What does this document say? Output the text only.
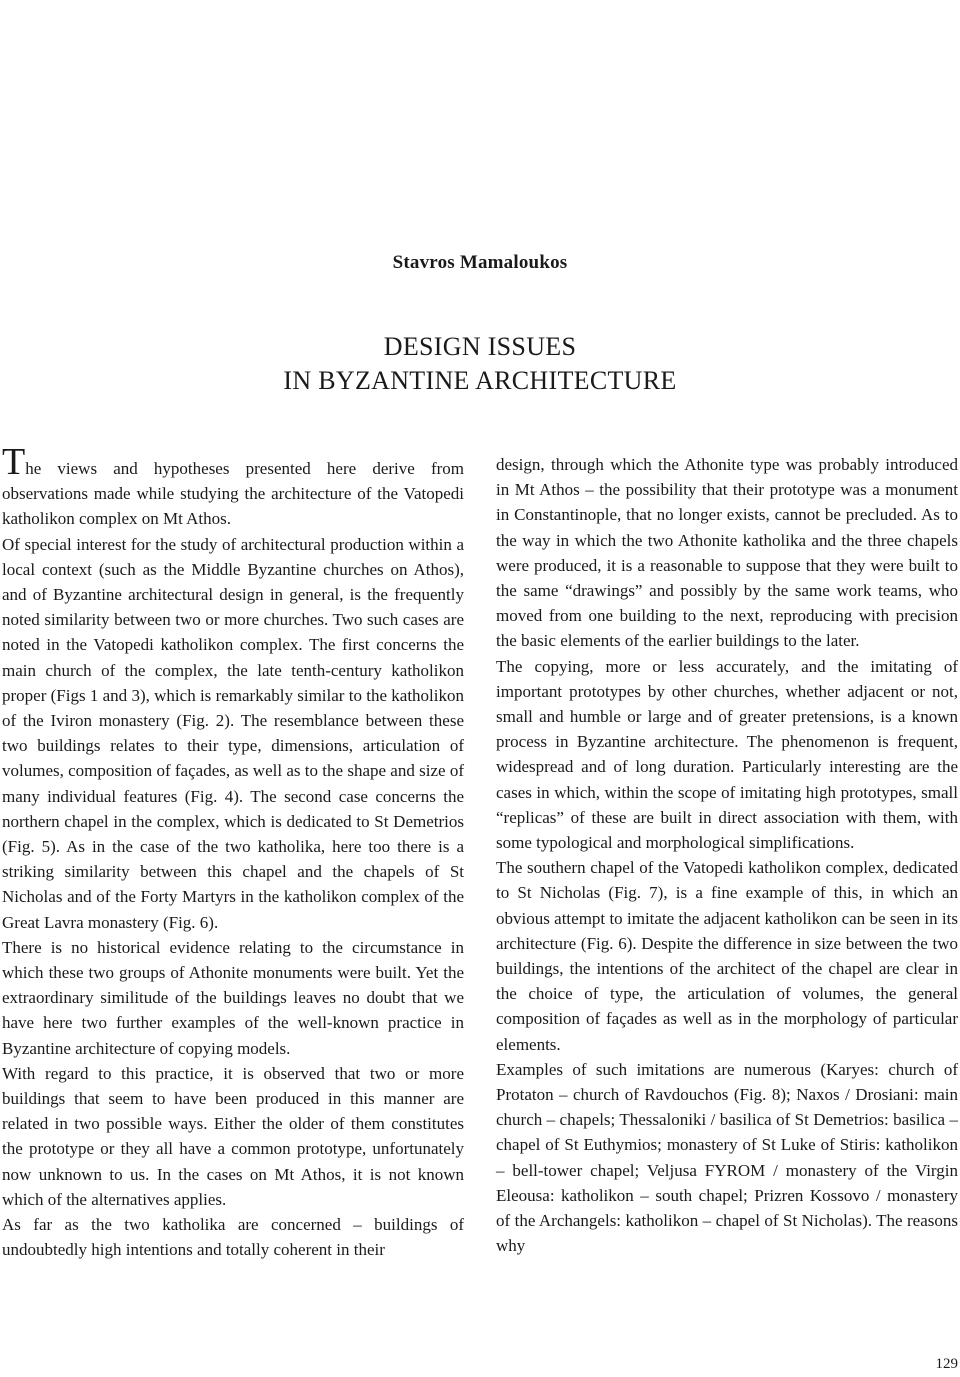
Stavros Mamaloukos
DESIGN ISSUES
IN BYZANTINE ARCHITECTURE

The views and hypotheses presented here derive from observations made while studying the architecture of the Vatopedi katholikon complex on Mt Athos.

Of special interest for the study of architectural production within a local context (such as the Middle Byzantine churches on Athos), and of Byzantine architectural design in general, is the frequently noted similarity between two or more churches. Two such cases are noted in the Vatopedi katholikon complex. The first concerns the main church of the complex, the late tenth-century katholikon proper (Figs 1 and 3), which is remarkably similar to the katholikon of the Iviron monastery (Fig. 2). The resemblance between these two buildings relates to their type, dimensions, articulation of volumes, composition of façades, as well as to the shape and size of many individual features (Fig. 4). The second case concerns the northern chapel in the complex, which is dedicated to St Demetrios (Fig. 5). As in the case of the two katholika, here too there is a striking similarity between this chapel and the chapels of St Nicholas and of the Forty Martyrs in the katholikon complex of the Great Lavra monastery (Fig. 6).

There is no historical evidence relating to the circumstance in which these two groups of Athonite monuments were built. Yet the extraordinary similitude of the buildings leaves no doubt that we have here two further examples of the well-known practice in Byzantine architecture of copying models.

With regard to this practice, it is observed that two or more buildings that seem to have been produced in this manner are related in two possible ways. Either the older of them constitutes the prototype or they all have a common prototype, unfortunately now unknown to us. In the cases on Mt Athos, it is not known which of the alternatives applies.

As far as the two katholika are concerned – buildings of undoubtedly high intentions and totally coherent in their

design, through which the Athonite type was probably introduced in Mt Athos – the possibility that their prototype was a monument in Constantinople, that no longer exists, cannot be precluded. As to the way in which the two Athonite katholika and the three chapels were produced, it is a reasonable to suppose that they were built to the same “drawings” and possibly by the same work teams, who moved from one building to the next, reproducing with precision the basic elements of the earlier buildings to the later.

The copying, more or less accurately, and the imitating of important prototypes by other churches, whether adjacent or not, small and humble or large and of greater pretensions, is a known process in Byzantine architecture. The phenomenon is frequent, widespread and of long duration. Particularly interesting are the cases in which, within the scope of imitating high prototypes, small “replicas” of these are built in direct association with them, with some typological and morphological simplifications.

The southern chapel of the Vatopedi katholikon complex, dedicated to St Nicholas (Fig. 7), is a fine example of this, in which an obvious attempt to imitate the adjacent katholikon can be seen in its architecture (Fig. 6). Despite the difference in size between the two buildings, the intentions of the architect of the chapel are clear in the choice of type, the articulation of volumes, the general composition of façades as well as in the morphology of particular elements.

Examples of such imitations are numerous (Karyes: church of Protaton – church of Ravdouchos (Fig. 8); Naxos / Drosiani: main church – chapels; Thessaloniki / basilica of St Demetrios: basilica – chapel of St Euthymios; monastery of St Luke of Stiris: katholikon – bell-tower chapel; Veljusa FYROM / monastery of the Virgin Eleousa: katholikon – south chapel; Prizren Kossovo / monastery of the Archangels: katholikon – chapel of St Nicholas). The reasons why

129
